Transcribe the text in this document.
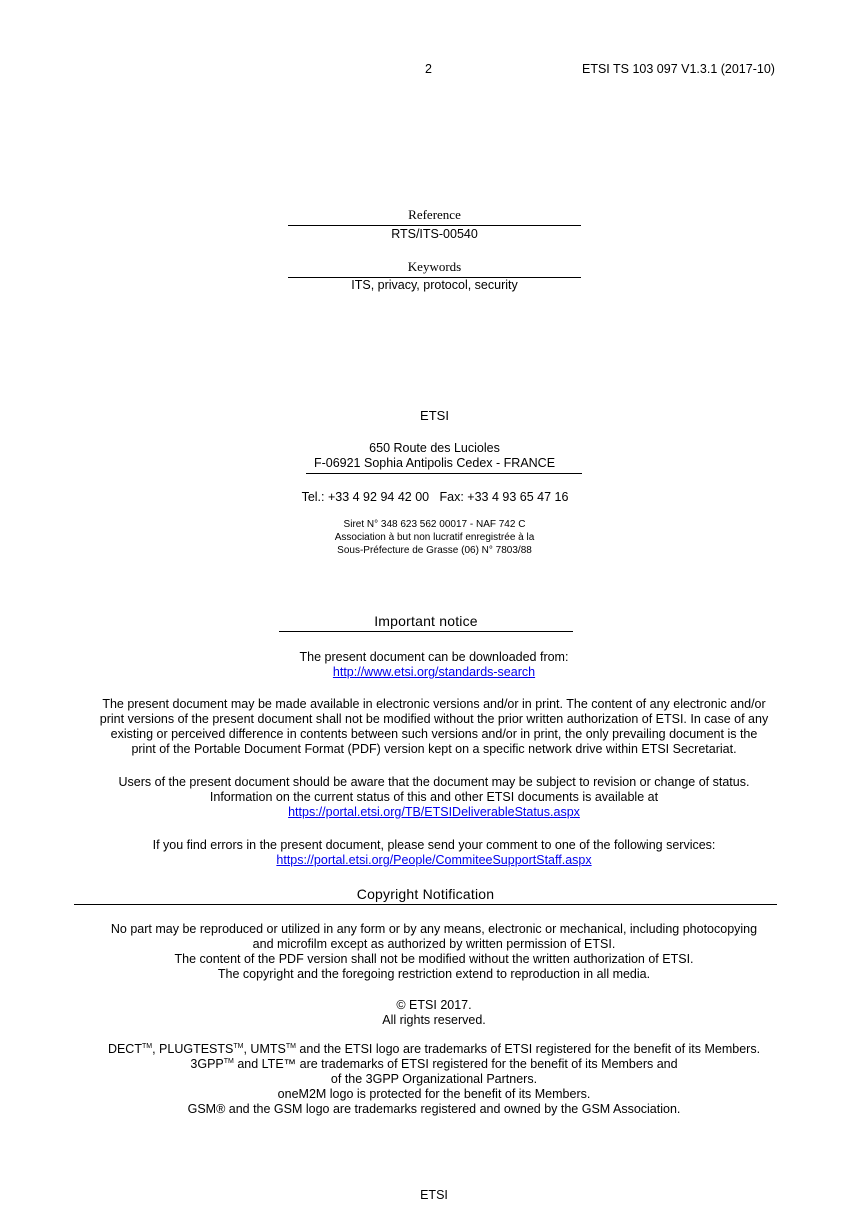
2	ETSI TS 103 097 V1.3.1 (2017-10)
Reference
RTS/ITS-00540
Keywords
ITS, privacy, protocol, security
ETSI
650 Route des Lucioles
F-06921 Sophia Antipolis Cedex - FRANCE
Tel.: +33 4 92 94 42 00   Fax: +33 4 93 65 47 16
Siret N° 348 623 562 00017 - NAF 742 C
Association à but non lucratif enregistrée à la
Sous-Préfecture de Grasse (06) N° 7803/88
Important notice
The present document can be downloaded from:
http://www.etsi.org/standards-search
The present document may be made available in electronic versions and/or in print. The content of any electronic and/or
print versions of the present document shall not be modified without the prior written authorization of ETSI. In case of any
existing or perceived difference in contents between such versions and/or in print, the only prevailing document is the
print of the Portable Document Format (PDF) version kept on a specific network drive within ETSI Secretariat.
Users of the present document should be aware that the document may be subject to revision or change of status.
Information on the current status of this and other ETSI documents is available at
https://portal.etsi.org/TB/ETSIDeliverableStatus.aspx
If you find errors in the present document, please send your comment to one of the following services:
https://portal.etsi.org/People/CommiteeSupportStaff.aspx
Copyright Notification
No part may be reproduced or utilized in any form or by any means, electronic or mechanical, including photocopying
and microfilm except as authorized by written permission of ETSI.
The content of the PDF version shall not be modified without the written authorization of ETSI.
The copyright and the foregoing restriction extend to reproduction in all media.
© ETSI 2017.
All rights reserved.
DECT™, PLUGTESTS™, UMTS™ and the ETSI logo are trademarks of ETSI registered for the benefit of its Members.
3GPP™ and LTE™ are trademarks of ETSI registered for the benefit of its Members and
of the 3GPP Organizational Partners.
oneM2M logo is protected for the benefit of its Members.
GSM® and the GSM logo are trademarks registered and owned by the GSM Association.
ETSI
